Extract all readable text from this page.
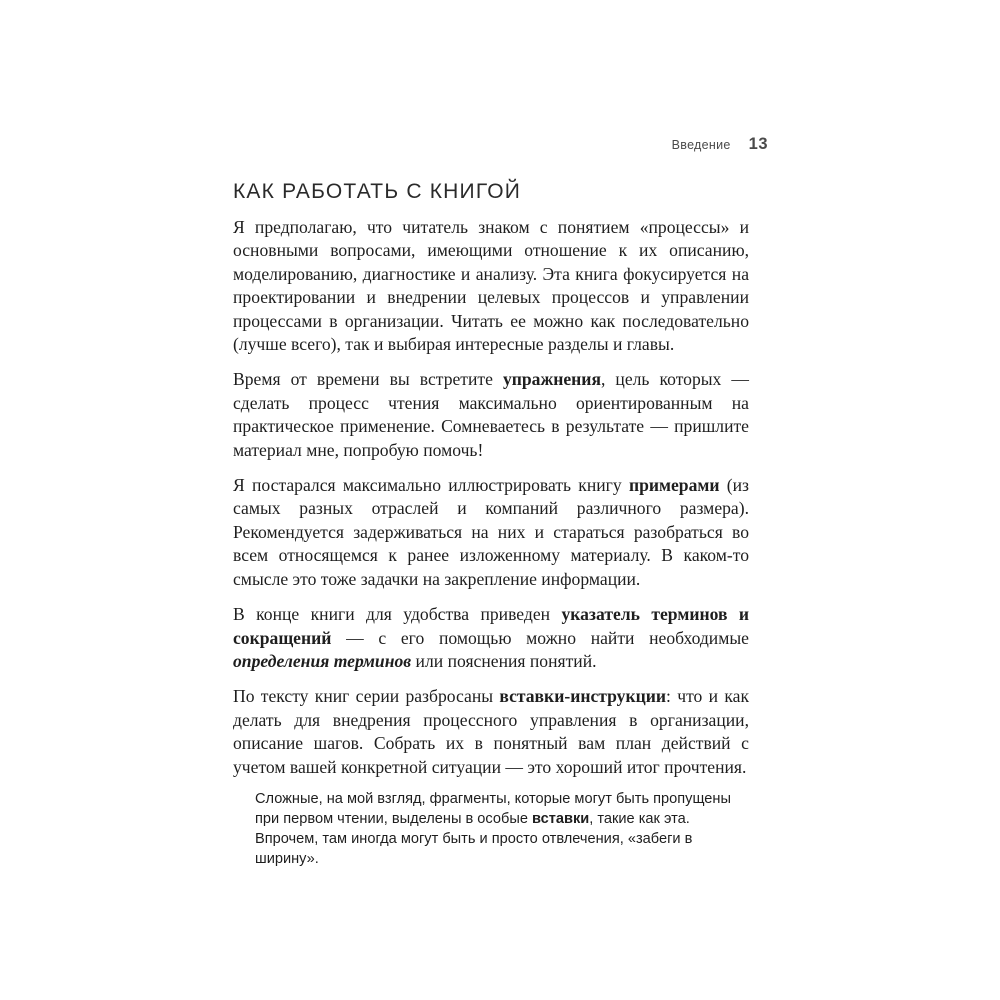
Введение 13
КАК РАБОТАТЬ С КНИГОЙ

Я предполагаю, что читатель знаком с понятием «процессы» и основными вопросами, имеющими отношение к их описанию, моделированию, диагностике и анализу. Эта книга фокусируется на проектировании и внедрении целевых процессов и управлении процессами в организации. Читать ее можно как последовательно (лучше всего), так и выбирая интересные разделы и главы.

Время от времени вы встретите упражнения, цель которых — сделать процесс чтения максимально ориентированным на практическое применение. Сомневаетесь в результате — пришлите материал мне, попробую помочь!

Я постарался максимально иллюстрировать книгу примерами (из самых разных отраслей и компаний различного размера). Рекомендуется задерживаться на них и стараться разобраться во всем относящемся к ранее изложенному материалу. В каком-то смысле это тоже задачки на закрепление информации.

В конце книги для удобства приведен указатель терминов и сокращений — с его помощью можно найти необходимые определения терминов или пояснения понятий.

По тексту книг серии разбросаны вставки-инструкции: что и как делать для внедрения процессного управления в организации, описание шагов. Собрать их в понятный вам план действий с учетом вашей конкретной ситуации — это хороший итог прочтения.

Сложные, на мой взгляд, фрагменты, которые могут быть пропущены при первом чтении, выделены в особые вставки, такие как эта. Впрочем, там иногда могут быть и просто отвлечения, «забеги в ширину».
